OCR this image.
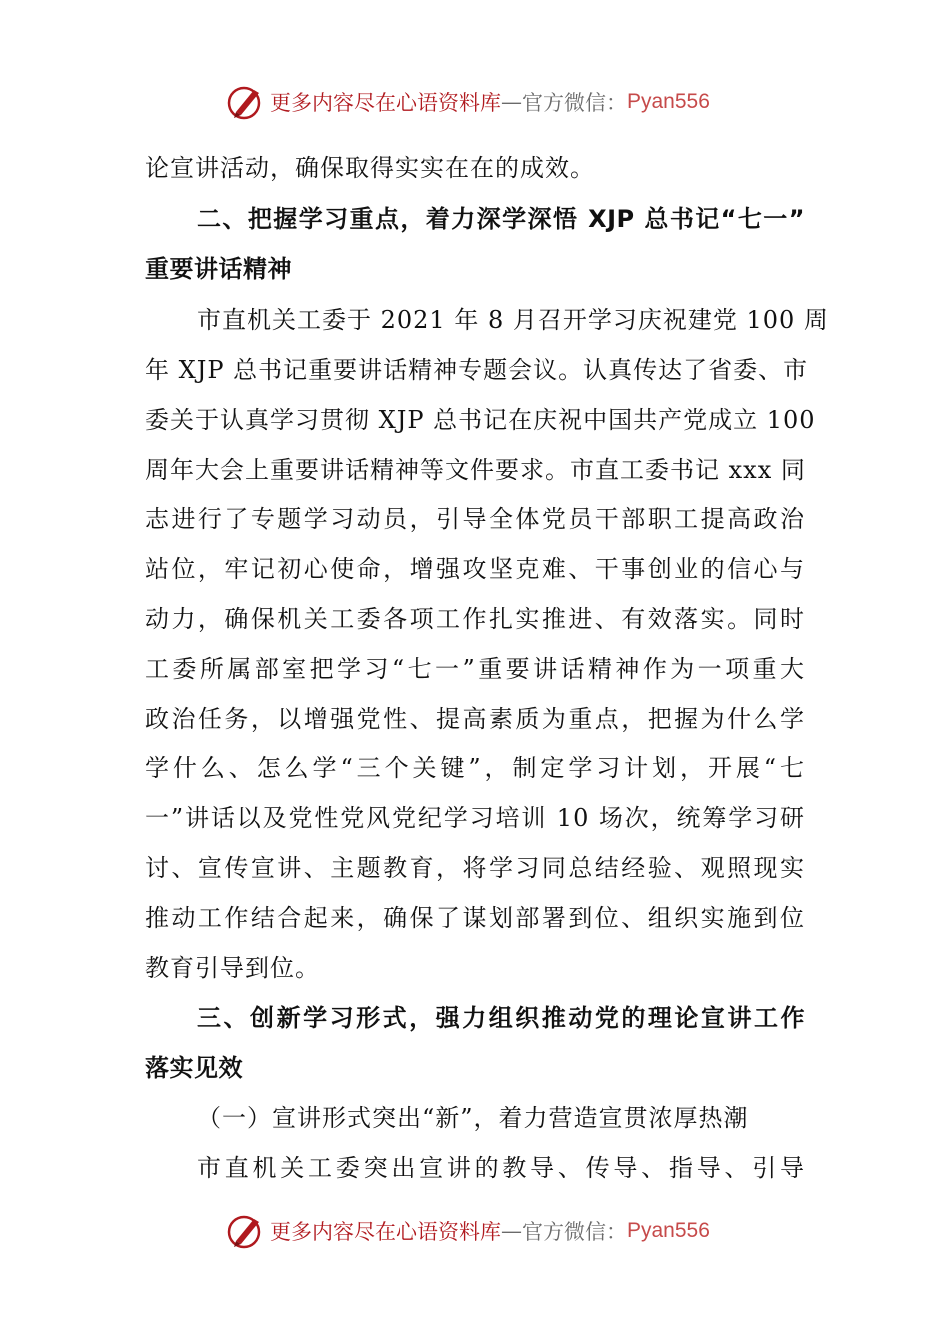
更多内容尽在心语资料库 — 官方微信： Pyan556
论宣讲活动，确保取得实实在在的成效。
二、把握学习重点，着力深学深悟 XJP 总书记“七一”
重要讲话精神
市直机关工委于 2021 年 8 月召开学习庆祝建党 100 周
年 XJP 总书记重要讲话精神专题会议。认真传达了省委、市
委关于认真学习贯彻 XJP 总书记在庆祝中国共产党成立 100
周年大会上重要讲话精神等文件要求。市直工委书记 xxx 同
志进行了专题学习动员，引导全体党员干部职工提高政治
站位，牢记初心使命，增强攻坚克难、干事创业的信心与
动力，确保机关工委各项工作扎实推进、有效落实。同时
工委所属部室把学习“七一”重要讲话精神作为一项重大
政治任务，以增强党性、提高素质为重点，把握为什么学
学什么、怎么学“三个关键”，制定学习计划，开展“七
一”讲话以及党性党风党纪学习培训 10 场次，统筹学习研
讨、宣传宣讲、主题教育，将学习同总结经验、观照现实
推动工作结合起来，确保了谋划部署到位、组织实施到位
教育引导到位。
三、创新学习形式，强力组织推动党的理论宣讲工作
落实见效
（一）宣讲形式突出“新”，着力营造宣贯浓厚热潮
市直机关工委突出宣讲的教导、传导、指导、引导
更多内容尽在心语资料库 — 官方微信： Pyan556
